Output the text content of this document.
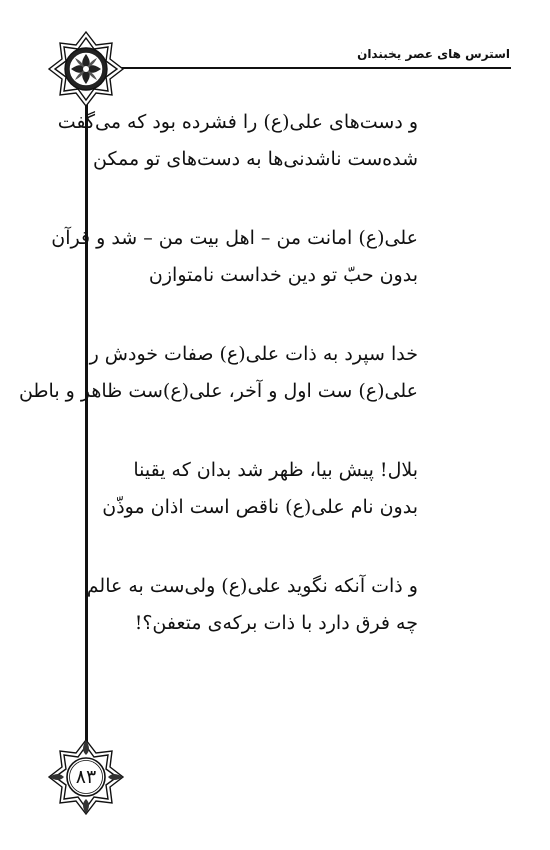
استرس های عصر یخبندان
و دست‌های علی(ع) را فشرده بود که می‌گفت
شده‌ست ناشدنی‌ها به دست‌های تو ممکن
علی(ع) امانت من – اهل بیت من – شد و قرآن
بدون حبّ تو دین خداست نامتوازن
خدا سپرد به ذات علی(ع) صفات خودش را
علی(ع) ست اول و آخر، علی(ع)ست ظاهر و باطن
بلال! پیش بیا، ظهر شد بدان که یقینا
بدون نام علی(ع) ناقص است اذان موذّن
و ذات آنکه نگوید علی(ع) ولی‌ست به عالم
چه فرق دارد با ذات برکه‌ی متعفن؟!
۸۳
